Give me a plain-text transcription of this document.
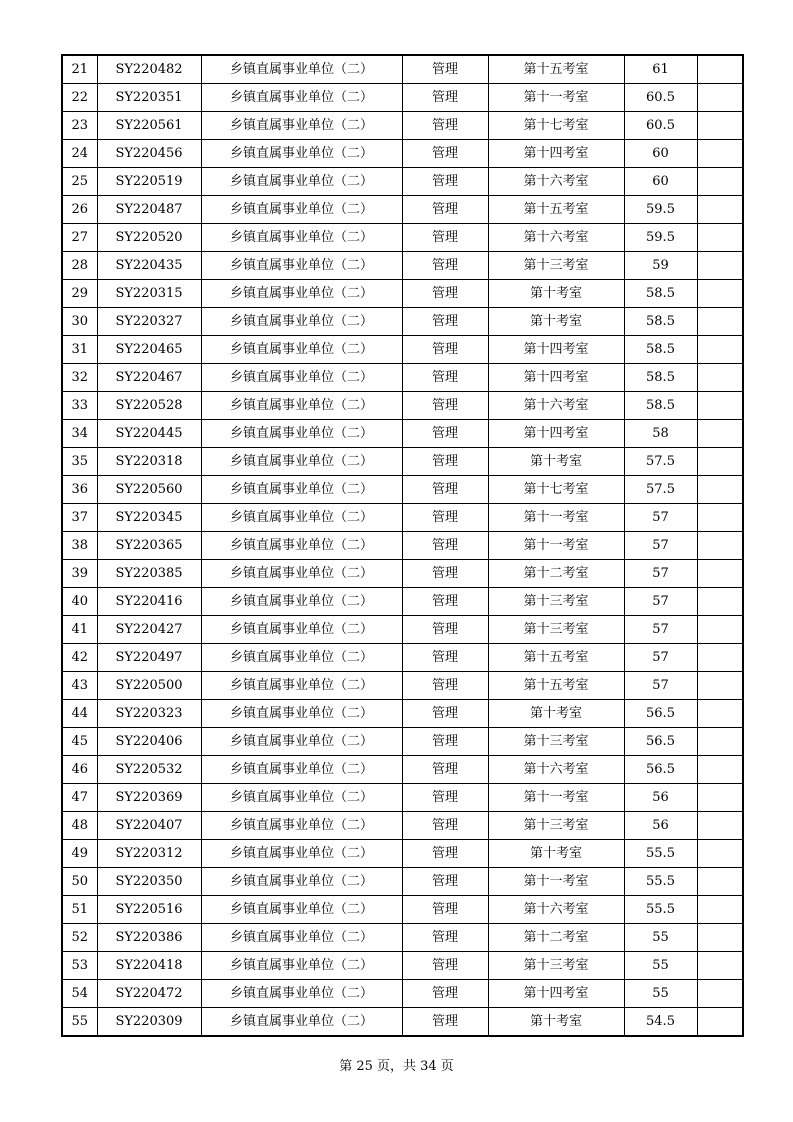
21	SY220482	乡镇直属事业单位（二）	管理	第十五考室	61	
22	SY220351	乡镇直属事业单位（二）	管理	第十一考室	60.5	
23	SY220561	乡镇直属事业单位（二）	管理	第十七考室	60.5	
24	SY220456	乡镇直属事业单位（二）	管理	第十四考室	60	
25	SY220519	乡镇直属事业单位（二）	管理	第十六考室	60	
26	SY220487	乡镇直属事业单位（二）	管理	第十五考室	59.5	
27	SY220520	乡镇直属事业单位（二）	管理	第十六考室	59.5	
28	SY220435	乡镇直属事业单位（二）	管理	第十三考室	59	
29	SY220315	乡镇直属事业单位（二）	管理	第十考室	58.5	
30	SY220327	乡镇直属事业单位（二）	管理	第十考室	58.5	
31	SY220465	乡镇直属事业单位（二）	管理	第十四考室	58.5	
32	SY220467	乡镇直属事业单位（二）	管理	第十四考室	58.5	
33	SY220528	乡镇直属事业单位（二）	管理	第十六考室	58.5	
34	SY220445	乡镇直属事业单位（二）	管理	第十四考室	58	
35	SY220318	乡镇直属事业单位（二）	管理	第十考室	57.5	
36	SY220560	乡镇直属事业单位（二）	管理	第十七考室	57.5	
37	SY220345	乡镇直属事业单位（二）	管理	第十一考室	57	
38	SY220365	乡镇直属事业单位（二）	管理	第十一考室	57	
39	SY220385	乡镇直属事业单位（二）	管理	第十二考室	57	
40	SY220416	乡镇直属事业单位（二）	管理	第十三考室	57	
41	SY220427	乡镇直属事业单位（二）	管理	第十三考室	57	
42	SY220497	乡镇直属事业单位（二）	管理	第十五考室	57	
43	SY220500	乡镇直属事业单位（二）	管理	第十五考室	57	
44	SY220323	乡镇直属事业单位（二）	管理	第十考室	56.5	
45	SY220406	乡镇直属事业单位（二）	管理	第十三考室	56.5	
46	SY220532	乡镇直属事业单位（二）	管理	第十六考室	56.5	
47	SY220369	乡镇直属事业单位（二）	管理	第十一考室	56	
48	SY220407	乡镇直属事业单位（二）	管理	第十三考室	56	
49	SY220312	乡镇直属事业单位（二）	管理	第十考室	55.5	
50	SY220350	乡镇直属事业单位（二）	管理	第十一考室	55.5	
51	SY220516	乡镇直属事业单位（二）	管理	第十六考室	55.5	
52	SY220386	乡镇直属事业单位（二）	管理	第十二考室	55	
53	SY220418	乡镇直属事业单位（二）	管理	第十三考室	55	
54	SY220472	乡镇直属事业单位（二）	管理	第十四考室	55	
55	SY220309	乡镇直属事业单位（二）	管理	第十考室	54.5	
第 25 页，共 34 页
